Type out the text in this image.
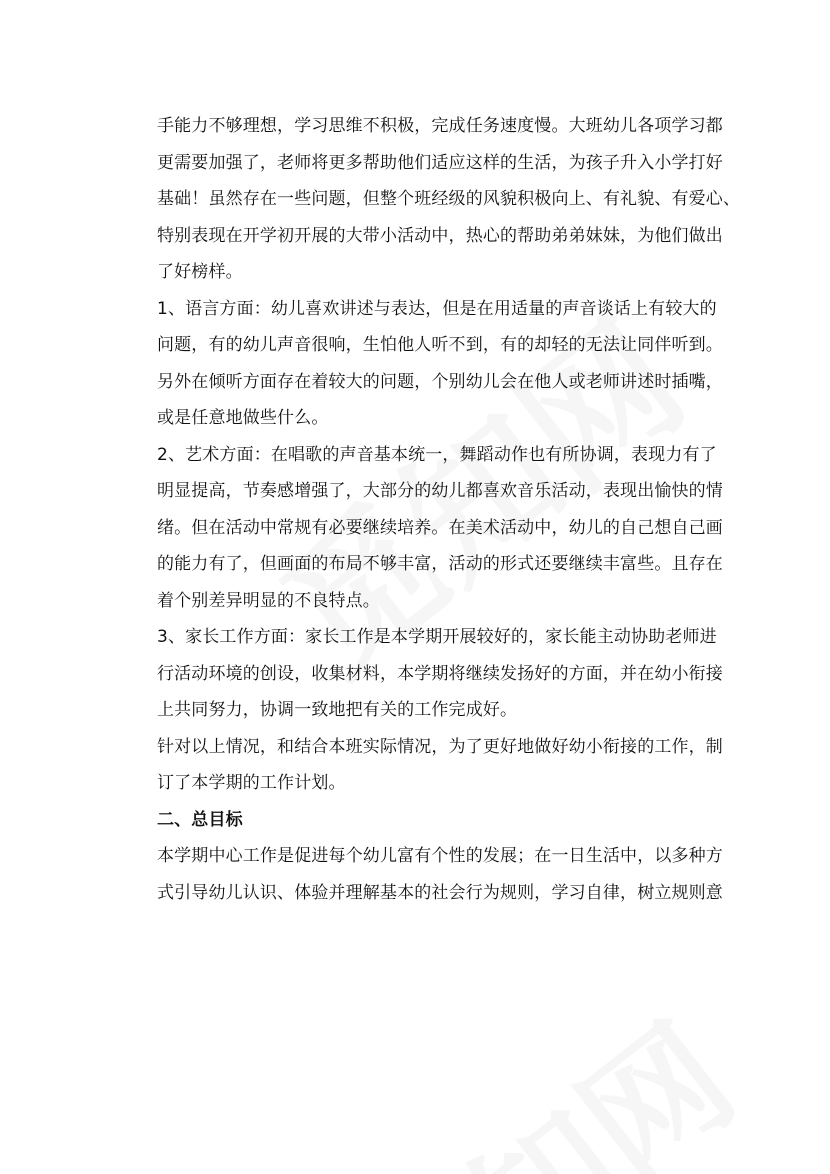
手能力不够理想，学习思维不积极，完成任务速度慢。大班幼儿各项学习都
更需要加强了，老师将更多帮助他们适应这样的生活，为孩子升入小学打好
基础！虽然存在一些问题，但整个班经级的风貌积极向上、有礼貌、有爱心、
特别表现在开学初开展的大带小活动中，热心的帮助弟弟妹妹，为他们做出
了好榜样。
1、语言方面：幼儿喜欢讲述与表达，但是在用适量的声音谈话上有较大的
问题，有的幼儿声音很响，生怕他人听不到，有的却轻的无法让同伴听到。
另外在倾听方面存在着较大的问题，个别幼儿会在他人或老师讲述时插嘴，
或是任意地做些什么。
2、艺术方面：在唱歌的声音基本统一，舞蹈动作也有所协调，表现力有了
明显提高，节奏感增强了，大部分的幼儿都喜欢音乐活动，表现出愉快的情
绪。但在活动中常规有必要继续培养。在美术活动中，幼儿的自己想自己画
的能力有了，但画面的布局不够丰富，活动的形式还要继续丰富些。且存在
着个别差异明显的不良特点。
3、家长工作方面：家长工作是本学期开展较好的，家长能主动协助老师进
行活动环境的创设，收集材料，本学期将继续发扬好的方面，并在幼小衔接
上共同努力，协调一致地把有关的工作完成好。
针对以上情况，和结合本班实际情况，为了更好地做好幼小衔接的工作，制
订了本学期的工作计划。
二、总目标
本学期中心工作是促进每个幼儿富有个性的发展；在一日生活中，以多种方
式引导幼儿认识、体验并理解基本的社会行为规则，学习自律，树立规则意
